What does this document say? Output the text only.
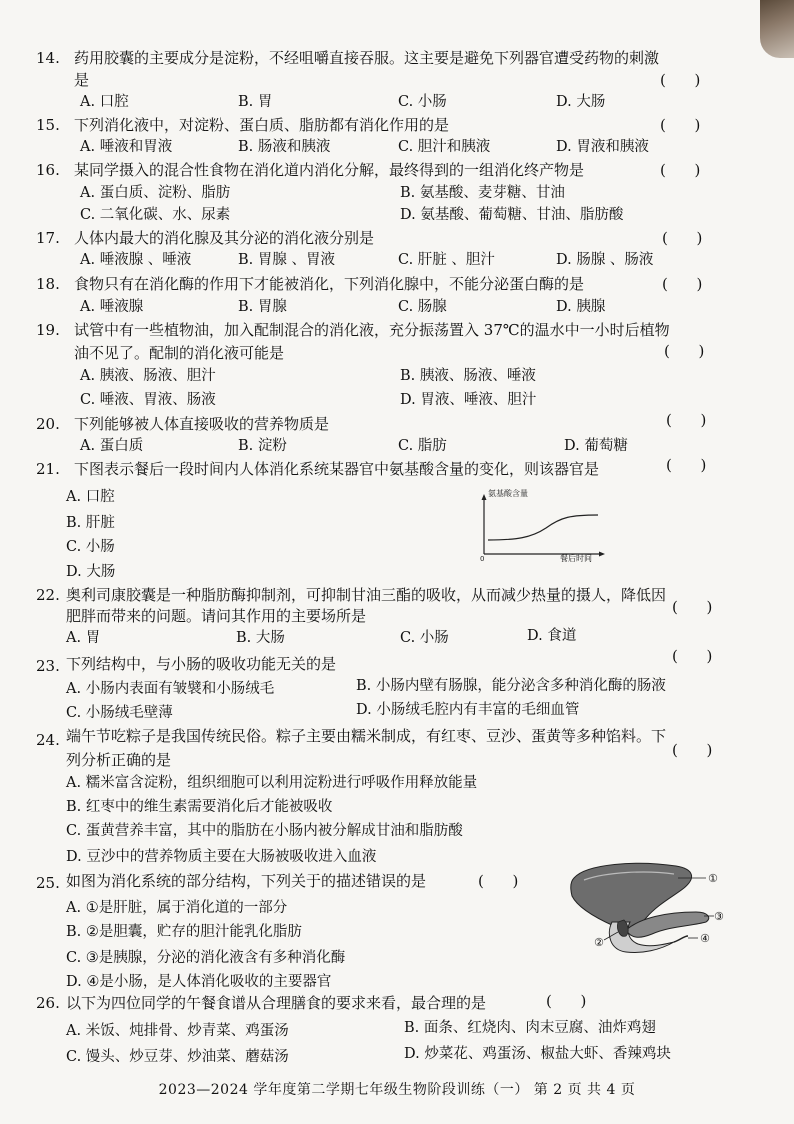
14. 药用胶囊的主要成分是淀粉，不经咀嚼直接吞服。这主要是避免下列器官遭受药物的刺激
是	(      )
A. 口腔	B. 胃	C. 小肠	D. 大肠
15. 下列消化液中，对淀粉、蛋白质、脂肪都有消化作用的是	(      )
A. 唾液和胃液	B. 肠液和胰液	C. 胆汁和胰液	D. 胃液和胰液
16. 某同学摄入的混合性食物在消化道内消化分解，最终得到的一组消化终产物是	(      )
A. 蛋白质、淀粉、脂肪	B. 氨基酸、麦芽糖、甘油
C. 二氧化碳、水、尿素	D. 氨基酸、葡萄糖、甘油、脂肪酸
17. 人体内最大的消化腺及其分泌的消化液分别是	(      )
A. 唾液腺 、唾液	B. 胃腺 、胃液	C. 肝脏 、胆汁	D. 肠腺 、肠液
18. 食物只有在消化酶的作用下才能被消化，下列消化腺中，不能分泌蛋白酶的是	(      )
A. 唾液腺	B. 胃腺	C. 肠腺	D. 胰腺
19. 试管中有一些植物油，加入配制混合的消化液，充分振荡置入 37℃的温水中一小时后植物
油不见了。配制的消化液可能是	(      )
A. 胰液、肠液、胆汁	B. 胰液、肠液、唾液
C. 唾液、胃液、肠液	D. 胃液、唾液、胆汁
20. 下列能够被人体直接吸收的营养物质是	(      )
A. 蛋白质	B. 淀粉	C. 脂肪	D. 葡萄糖
21. 下图表示餐后一段时间内人体消化系统某器官中氨基酸含量的变化，则该器官是	(      )
A. 口腔
B. 肝脏
C. 小肠
D. 大肠
氨基酸含量
餐后时间
0
22. 奥利司康胶囊是一种脂肪酶抑制剂，可抑制甘油三酯的吸收，从而减少热量的摄人，降低因
肥胖而带来的问题。请问其作用的主要场所是	(      )
A. 胃	B. 大肠	C. 小肠	D. 食道
23. 下列结构中，与小肠的吸收功能无关的是	(      )
A. 小肠内表面有皱襞和小肠绒毛	B. 小肠内壁有肠腺，能分泌含多种消化酶的肠液
C. 小肠绒毛壁薄	D. 小肠绒毛腔内有丰富的毛细血管
24. 端午节吃粽子是我国传统民俗。粽子主要由糯米制成，有红枣、豆沙、蛋黄等多种馅料。下
列分析正确的是
(      )
A. 糯米富含淀粉，组织细胞可以利用淀粉进行呼吸作用释放能量
B. 红枣中的维生素需要消化后才能被吸收
C. 蛋黄营养丰富，其中的脂肪在小肠内被分解成甘油和脂肪酸
D. 豆沙中的营养物质主要在大肠被吸收进入血液
25. 如图为消化系统的部分结构，下列关于的描述错误的是	(      )
A. ①是肝脏，属于消化道的一部分
B. ②是胆囊，贮存的胆汁能乳化脂肪
C. ③是胰腺，分泌的消化液含有多种消化酶
D. ④是小肠，是人体消化吸收的主要器官
①
②
③
④
26. 以下为四位同学的午餐食谱从合理膳食的要求来看，最合理的是	(      )
A. 米饭、炖排骨、炒青菜、鸡蛋汤	B. 面条、红烧肉、肉末豆腐、油炸鸡翅
C. 馒头、炒豆芽、炒油菜、蘑菇汤	D. 炒菜花、鸡蛋汤、椒盐大虾、香辣鸡块
2023—2024 学年度第二学期七年级生物阶段训练（一） 第 2 页 共 4 页
